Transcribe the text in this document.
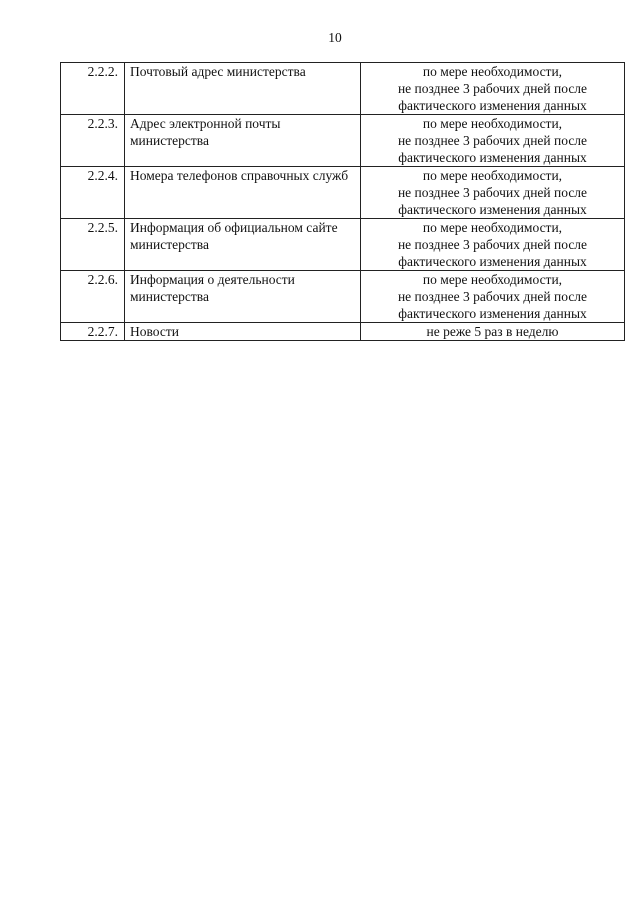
10
2.2.2.	Почтовый адрес министерства	по мере необходимости,
не позднее 3 рабочих дней после
фактического изменения данных

2.2.3.	Адрес электронной почты министерства	по мере необходимости,
не позднее 3 рабочих дней после
фактического изменения данных

2.2.4.	Номера телефонов справочных служб	по мере необходимости,
не позднее 3 рабочих дней после
фактического изменения данных

2.2.5.	Информация об официальном сайте министерства	по мере необходимости,
не позднее 3 рабочих дней после
фактического изменения данных

2.2.6.	Информация о деятельности министерства	по мере необходимости,
не позднее 3 рабочих дней после
фактического изменения данных

2.2.7.	Новости	не реже 5 раз в неделю
